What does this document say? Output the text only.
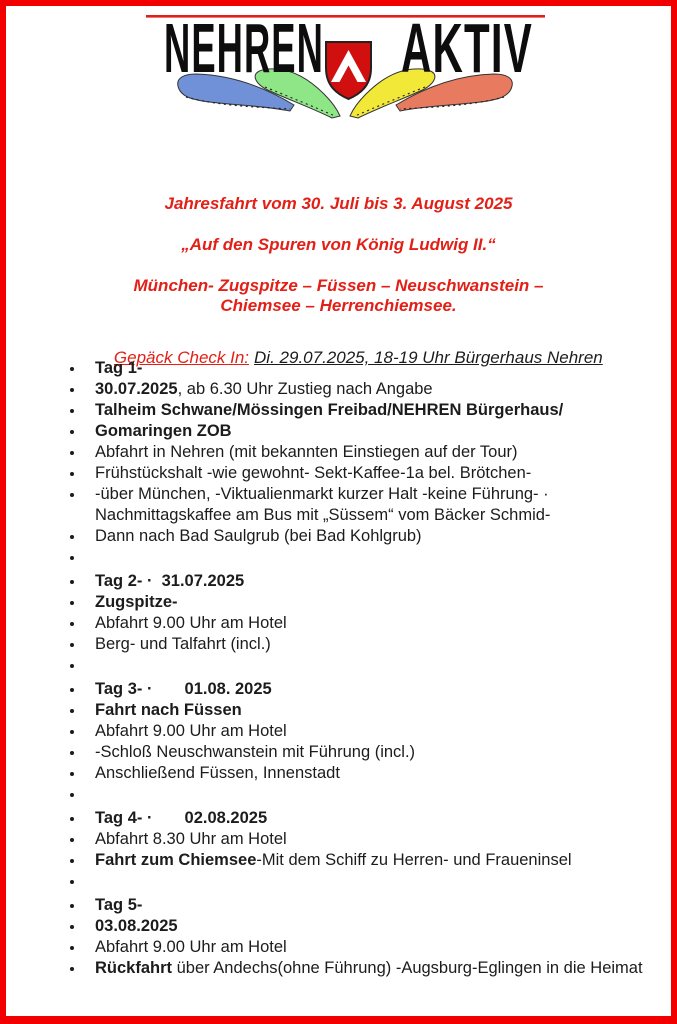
NEHREN AKTIV
Jahresfahrt vom 30. Juli bis 3. August 2025
„Auf den Spuren von König Ludwig II.“
München- Zugspitze – Füssen – Neuschwanstein –
Chiemsee – Herrenchiemsee.

Gepäck Check In: Di. 29.07.2025, 18-19 Uhr Bürgerhaus Nehren

Tag 1-
30.07.2025, ab 6.30 Uhr Zustieg nach Angabe
Talheim Schwane/Mössingen Freibad/NEHREN Bürgerhaus/
Gomaringen ZOB
Abfahrt in Nehren (mit bekannten Einstiegen auf der Tour)
Frühstückshalt -wie gewohnt- Sekt-Kaffee-1a bel. Brötchen-
-über München, -Viktualienmarkt kurzer Halt -keine Führung- ·
Nachmittagskaffee am Bus mit „Süssem“ vom Bäcker Schmid-
Dann nach Bad Saulgrub (bei Bad Kohlgrub)
Tag 2- ·  31.07.2025
Zugspitze-
Abfahrt 9.00 Uhr am Hotel
Berg- und Talfahrt (incl.)
Tag 3- ·       01.08. 2025
Fahrt nach Füssen
Abfahrt 9.00 Uhr am Hotel
-Schloß Neuschwanstein mit Führung (incl.)
Anschließend Füssen, Innenstadt
Tag 4- ·       02.08.2025
Abfahrt 8.30 Uhr am Hotel
Fahrt zum Chiemsee-Mit dem Schiff zu Herren- und Fraueninsel
Tag 5-
03.08.2025
Abfahrt 9.00 Uhr am Hotel
Rückfahrt über Andechs(ohne Führung) -Augsburg-Eglingen in die Heimat
